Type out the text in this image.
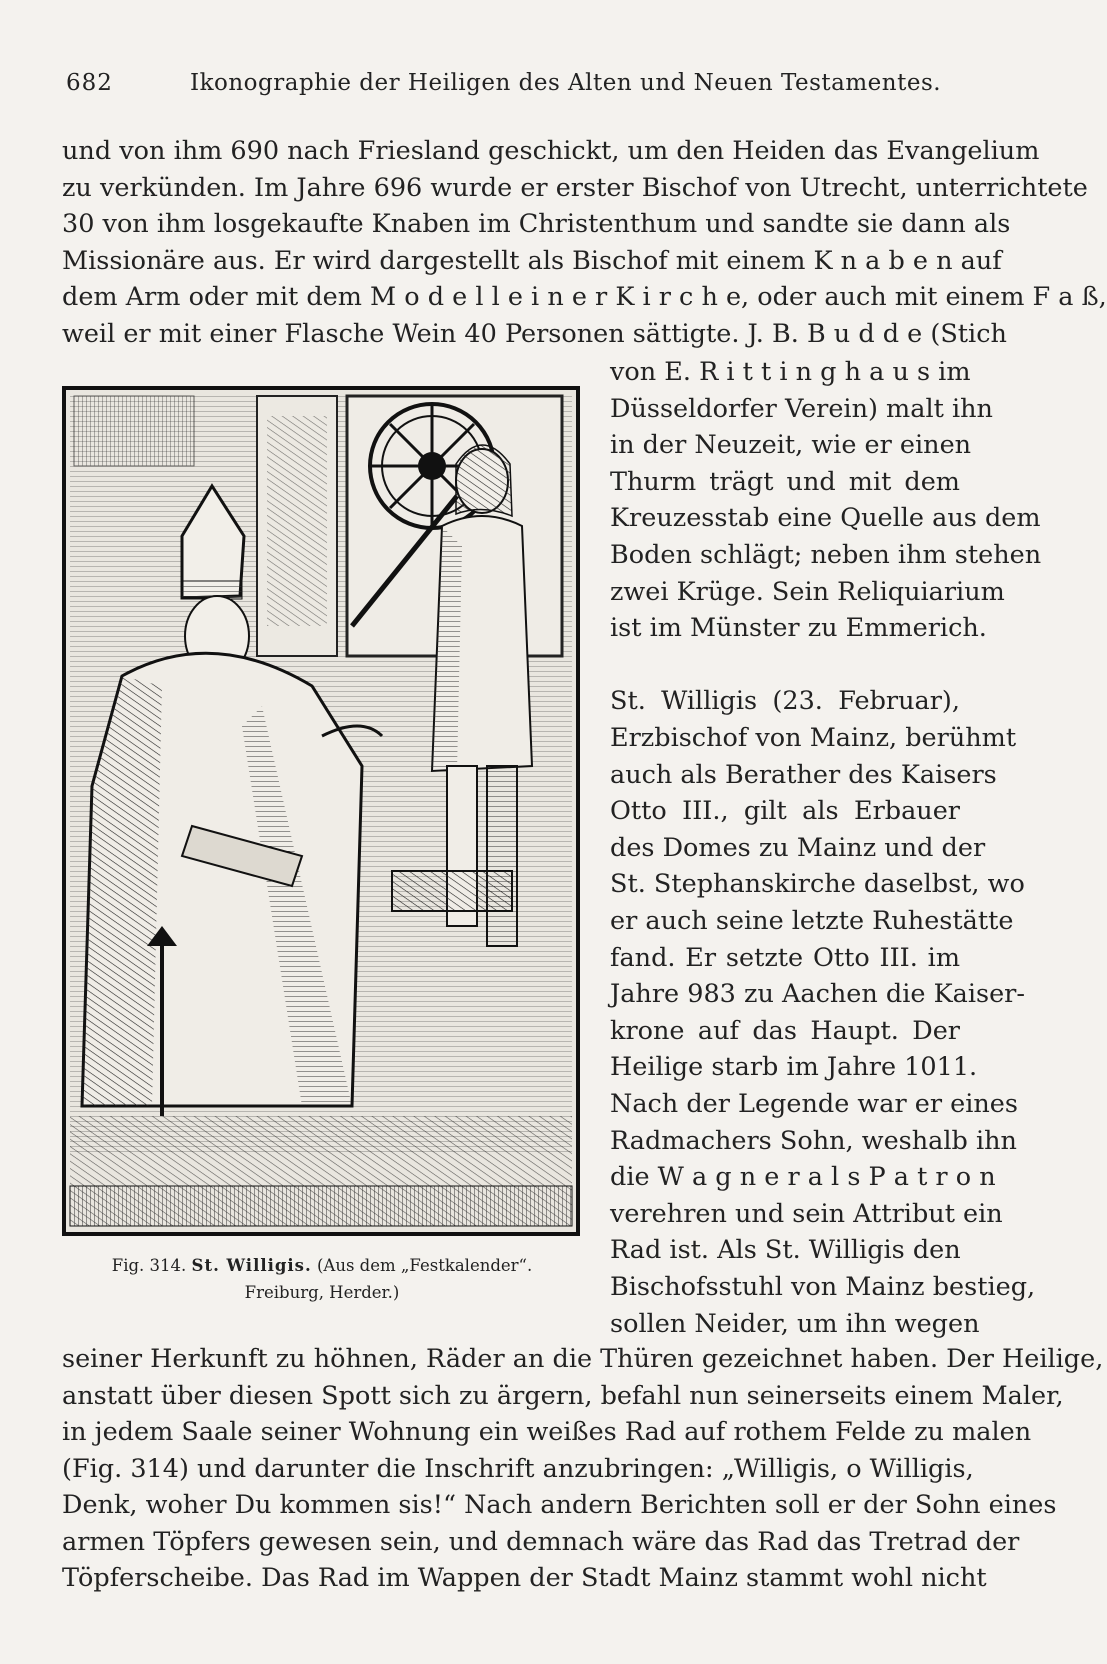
682	Ikonographie der Heiligen des Alten und Neuen Testamentes.
und von ihm 690 nach Friesland geschickt, um den Heiden das Evangelium
zu verkünden. Im Jahre 696 wurde er erster Bischof von Utrecht, unterrichtete
30 von ihm losgekaufte Knaben im Christenthum und sandte sie dann als
Missionäre aus. Er wird dargestellt als Bischof mit einem K n a b e n auf
dem Arm oder mit dem M o d e l l e i n e r K i r c h e, oder auch mit einem F a ß,
weil er mit einer Flasche Wein 40 Personen sättigte. J. B. B u d d e (Stich
von E. R i t t i n g h a u s im
Düsseldorfer Verein) malt ihn
in der Neuzeit, wie er einen
Thurm trägt und mit dem
Kreuzesstab eine Quelle aus dem
Boden schlägt; neben ihm stehen
zwei Krüge. Sein Reliquiarium
ist im Münster zu Emmerich.
St. Willigis (23. Februar),
Erzbischof von Mainz, berühmt
auch als Berather des Kaisers
Otto III., gilt als Erbauer
des Domes zu Mainz und der
St. Stephanskirche daselbst, wo
er auch seine letzte Ruhestätte
fand. Er setzte Otto III. im
Jahre 983 zu Aachen die Kaiser-
krone auf das Haupt. Der
Heilige starb im Jahre 1011.
Nach der Legende war er eines
Radmachers Sohn, weshalb ihn
die W a g n e r a l s P a t r o n
verehren und sein Attribut ein
Rad ist. Als St. Willigis den
Bischofsstuhl von Mainz bestieg,
sollen Neider, um ihn wegen
seiner Herkunft zu höhnen, Räder an die Thüren gezeichnet haben. Der Heilige,
anstatt über diesen Spott sich zu ärgern, befahl nun seinerseits einem Maler,
in jedem Saale seiner Wohnung ein weißes Rad auf rothem Felde zu malen
(Fig. 314) und darunter die Inschrift anzubringen: „Willigis, o Willigis,
Denk, woher Du kommen sis!“ Nach andern Berichten soll er der Sohn eines
armen Töpfers gewesen sein, und demnach wäre das Rad das Tretrad der
Töpferscheibe. Das Rad im Wappen der Stadt Mainz stammt wohl nicht
Fig. 314. St. Willigis. (Aus dem „Festkalender“.
Freiburg, Herder.)
